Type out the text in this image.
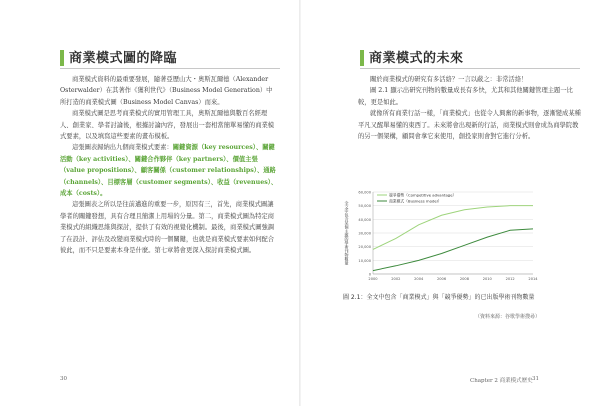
商業模式圖的降臨

商業模式資料的最重要發展，隨著亞歷山大・奧斯瓦爾德（Alexander Osterwalder）在其著作《獲利世代》（Business Model Generation）中所打造的商業模式圖（Business Model Canvas）而來。

商業模式圖是思考商業模式的實用管理工具，奧斯瓦爾德與數百名經理人、創業家、學者討論後，根據討論內容，發展出一套相當簡單易懂的商業模式要素，以及填寫這些要素的畫布模板。

這張圖表歸納出九個商業模式要素：關鍵資源（key resources）、關鍵活動（key activities）、關鍵合作夥伴（key partners）、價值主張（value propositions）、顧客關係（customer relationships）、通路（channels）、目標客層（customer segments）、收益（revenues）、成本（costs）。

這張圖表之所以是往前邁進的重要一步，原因有三，首先，商業模式圖讓學者的關鍵發想，具有合理且簡潔上用場的分量。第二，商業模式圖為特定商業模式的組織思維與探討，提供了有效的視覺化機制。最後，商業模式圖強調了在設計、評估及改變商業模式時的一個關鍵，也就是商業模式要素如何配合彼此，而不只是要素本身是什麼。第七章將會更深入探討商業模式圖。

30
商業模式的未來

關於商業模式的研究有多活絡？一言以蔽之：非常活絡！

圖 2.1 顯示出研究刊物的數量成長有多快，尤其和其他關鍵管理主題一比較，更是如此。

就像所有商業行話一樣，「商業模式」也從令人興奮的新事物，逐漸變成某種平凡又醒單易懂的東西了。未來將會出現新的行話，商業模式則會成為商學院教的另一個架構，顧問會拿它來使用，創投家則會對它進行分析。

Chapter 2 商業模式歷史 31
0
10,000
20,000
30,000
40,000
50,000
60,000
2000	2002	2004	2006	2008	2010	2012	2014
全文中包含某個主題的學術刊物數量
競爭優勢（Competitive advantage）
商業模式（Business model）
圖 2.1：全文中包含「商業模式」與「競爭優勢」的已出版學術刊物數量
（資料來源：谷歌學術搜尋）
